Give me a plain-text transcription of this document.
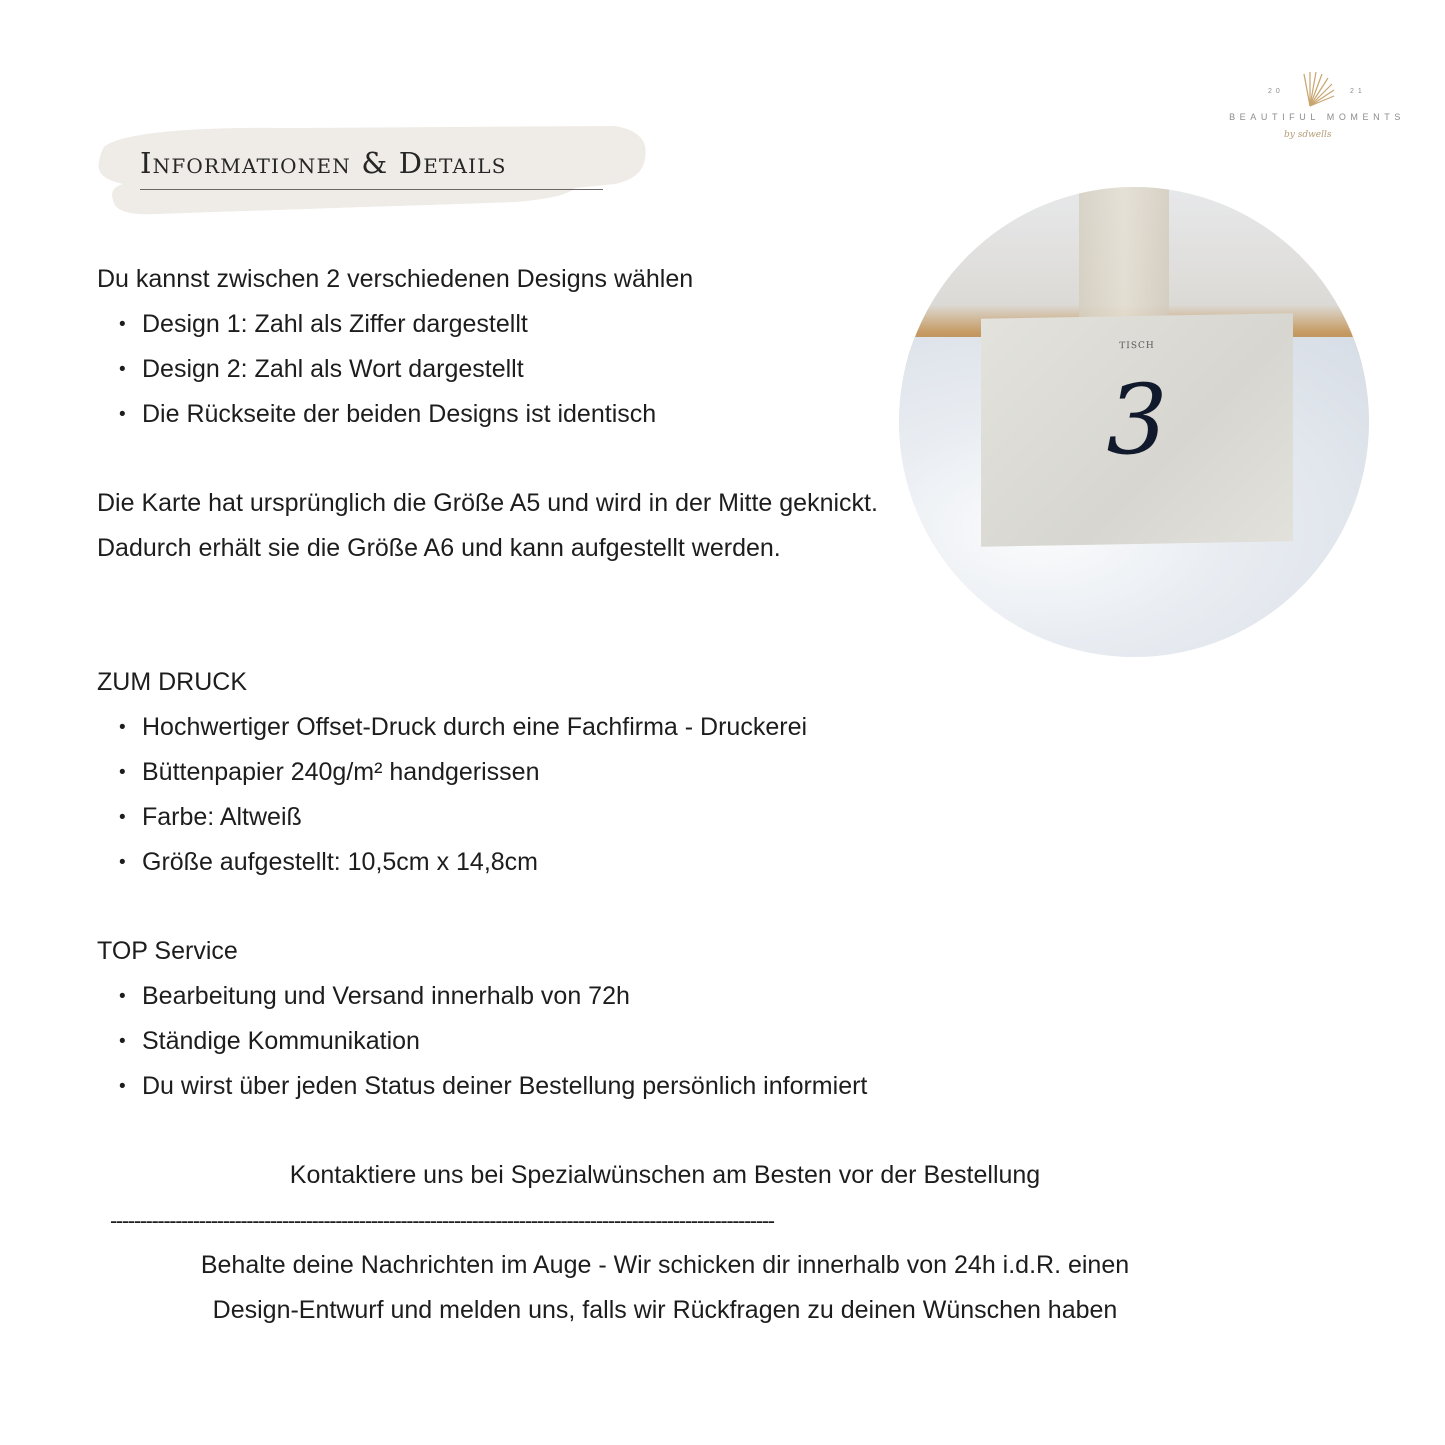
20	21
BEAUTIFUL MOMENTS
by sdwells
Informationen & Details

Du kannst zwischen 2 verschiedenen Designs wählen

• Design 1: Zahl als Ziffer dargestellt
• Design 2: Zahl als Wort dargestellt
• Die Rückseite der beiden Designs ist identisch

Die Karte hat ursprünglich die Größe A5 und wird in der Mitte geknickt. Dadurch erhält sie die Größe A6 und kann aufgestellt werden.

TISCH
3

ZUM DRUCK

• Hochwertiger Offset-Druck durch eine Fachfirma - Druckerei
• Büttenpapier 240g/m² handgerissen
• Farbe: Altweiß
• Größe aufgestellt: 10,5cm x 14,8cm

TOP Service

• Bearbeitung und Versand innerhalb von 72h
• Ständige Kommunikation
• Du wirst über jeden Status deiner Bestellung persönlich informiert
Kontaktiere uns bei Spezialwünschen am Besten vor der Bestellung
----------------------------------------------------------------------------------------------------------------
Behalte deine Nachrichten im Auge - Wir schicken dir innerhalb von 24h i.d.R. einen
Design-Entwurf und melden uns, falls wir Rückfragen zu deinen Wünschen haben
